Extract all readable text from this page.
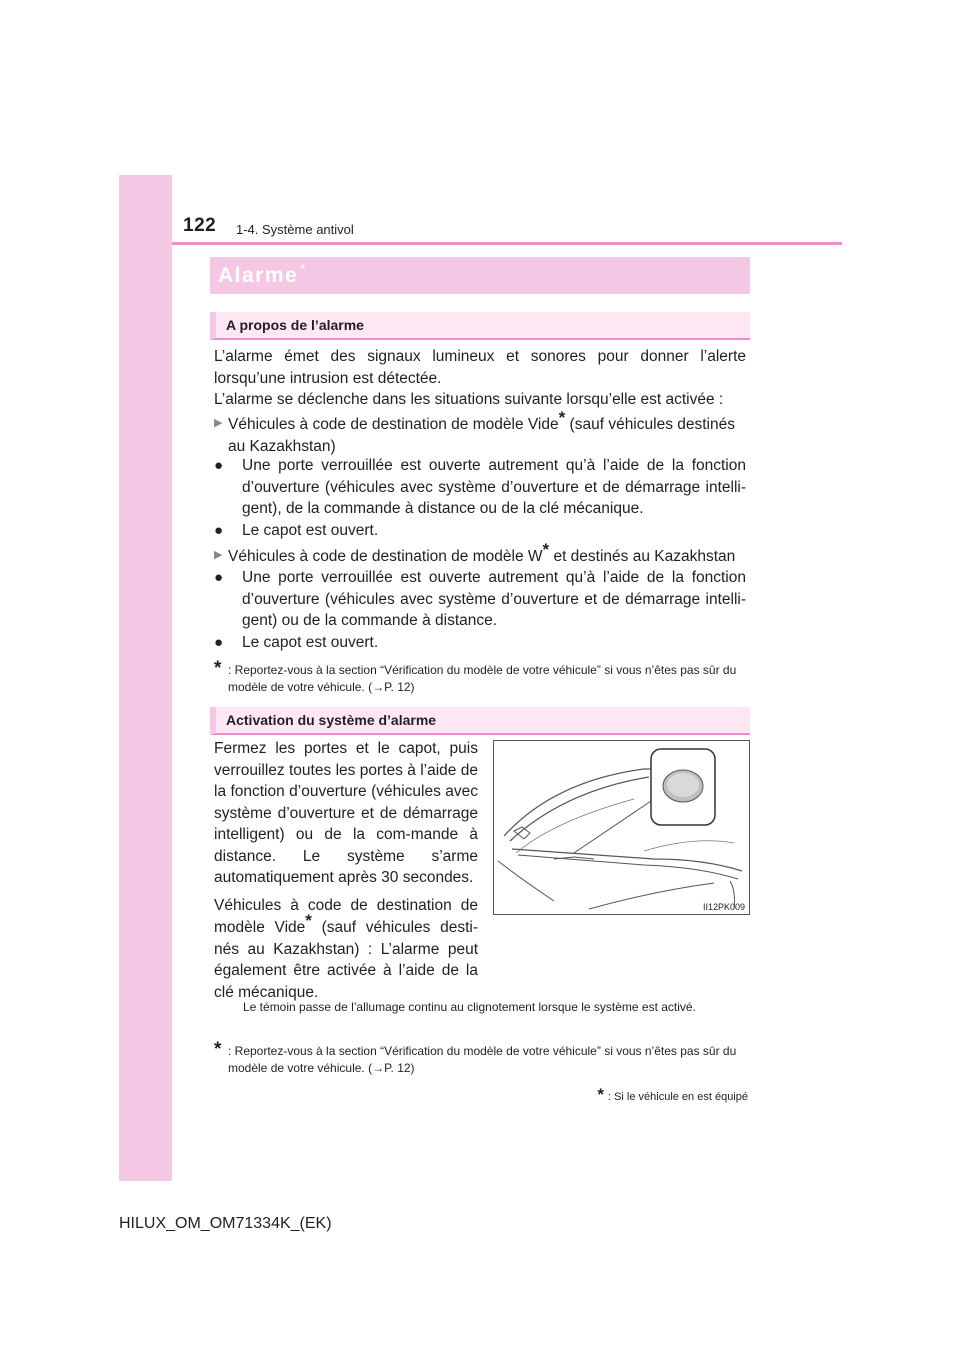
122 1-4. Système antivol
Alarme *
A propos de l’alarme

L’alarme émet des signaux lumineux et sonores pour donner l’alerte lorsqu’une intrusion est détectée.

L’alarme se déclenche dans les situations suivante lorsqu’elle est activée :

▶ Véhicules à code de destination de modèle Vide* (sauf véhicules destinés au Kazakhstan)
● Une porte verrouillée est ouverte autrement qu’à l’aide de la fonction d’ouverture (véhicules avec système d’ouverture et de démarrage intelli-gent), de la commande à distance ou de la clé mécanique.
● Le capot est ouvert.
▶ Véhicules à code de destination de modèle W* et destinés au Kazakhstan
● Une porte verrouillée est ouverte autrement qu’à l’aide de la fonction d’ouverture (véhicules avec système d’ouverture et de démarrage intelli-gent) ou de la commande à distance.
● Le capot est ouvert.
* : Reportez-vous à la section “Vérification du modèle de votre véhicule” si vous n’êtes pas sûr du modèle de votre véhicule. (→P. 12)
Activation du système d’alarme

Fermez les portes et le capot, puis verrouillez toutes les portes à l’aide de la fonction d’ouverture (véhicules avec système d’ouverture et de démarrage intelligent) ou de la com-mande à distance. Le système s’arme automatiquement après 30 secondes.

Véhicules à code de destination de modèle Vide* (sauf véhicules desti-nés au Kazakhstan) : L’alarme peut également être activée à l’aide de la clé mécanique.

II12PK009
Le témoin passe de l’allumage continu au clignotement lorsque le système est activé.
* : Reportez-vous à la section “Vérification du modèle de votre véhicule” si vous n’êtes pas sûr du modèle de votre véhicule. (→P. 12)
* : Si le véhicule en est équipé
HILUX_OM_OM71334K_(EK)
